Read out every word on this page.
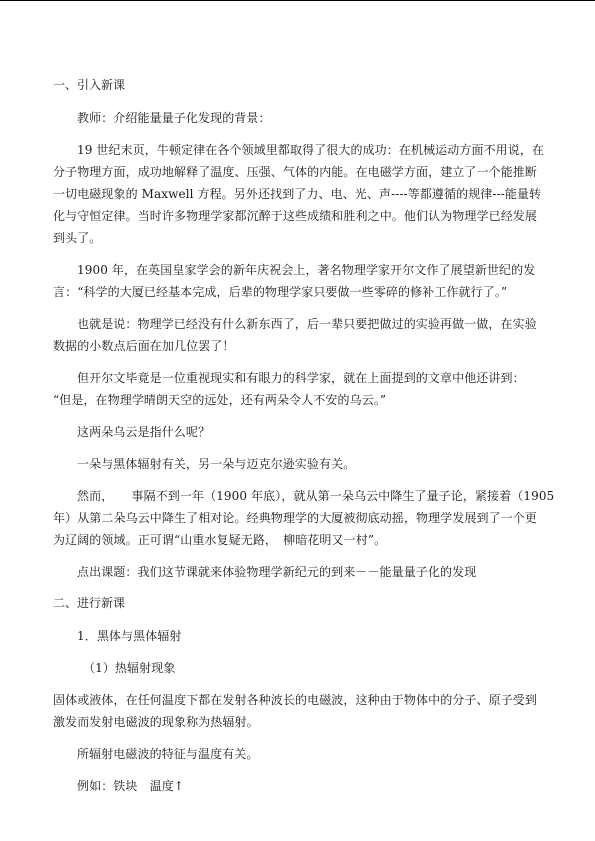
一、引入新课
教师：介绍能量量子化发现的背景：
19 世纪末页，牛顿定律在各个领域里都取得了很大的成功：在机械运动方面不用说，在
分子物理方面，成功地解释了温度、压强、气体的内能。在电磁学方面，建立了一个能推断
一切电磁现象的 Maxwell 方程。另外还找到了力、电、光、声----等都遵循的规律---能量转
化与守恒定律。当时许多物理学家都沉醉于这些成绩和胜利之中。他们认为物理学已经发展
到头了。
1900 年，在英国皇家学会的新年庆祝会上，著名物理学家开尔文作了展望新世纪的发
言：“科学的大厦已经基本完成，后辈的物理学家只要做一些零碎的修补工作就行了。”
也就是说：物理学已经没有什么新东西了，后一辈只要把做过的实验再做一做，在实验
数据的小数点后面在加几位罢了！
但开尔文毕竟是一位重视现实和有眼力的科学家，就在上面提到的文章中他还讲到：
“但是，在物理学晴朗天空的远处，还有两朵令人不安的乌云。”
这两朵乌云是指什么呢？
一朵与黑体辐射有关，另一朵与迈克尔逊实验有关。
然而，　　事隔不到一年（1900 年底），就从第一朵乌云中降生了量子论，紧接着（1905
年）从第二朵乌云中降生了相对论。经典物理学的大厦被彻底动摇，物理学发展到了一个更
为辽阔的领域。正可谓“山重水复疑无路，　柳暗花明又一村”。
点出课题：我们这节课就来体验物理学新纪元的到来－－能量量子化的发现
二、进行新课
1．黑体与黑体辐射
（1）热辐射现象
固体或液体，在任何温度下都在发射各种波长的电磁波，这种由于物体中的分子、原子受到
激发而发射电磁波的现象称为热辐射。
所辐射电磁波的特征与温度有关。
例如：铁块　温度↑
